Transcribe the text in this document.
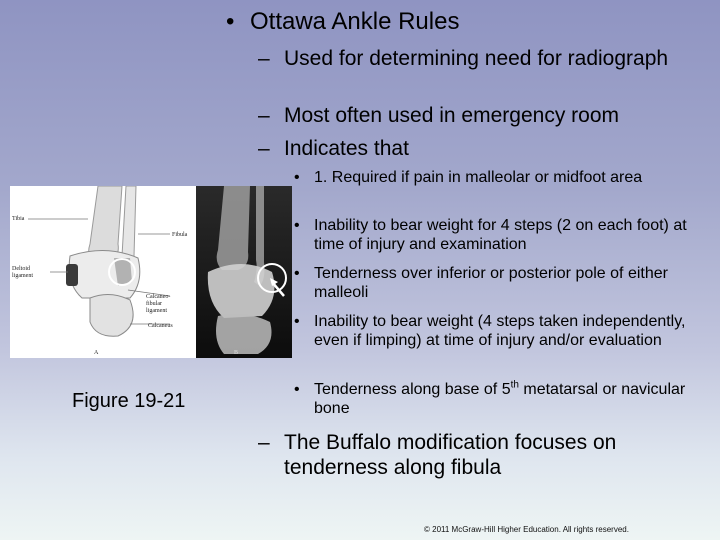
• Ottawa Ankle Rules
– Used for determining need for radiograph
– Most often used in emergency room
– Indicates that
• 1. Required if pain in malleolar or midfoot area
• Inability to bear weight for 4 steps (2 on each foot) at time of injury and examination
• Tenderness over inferior or posterior pole of either malleoli
• Inability to bear weight (4 steps taken independently, even if limping) at time of injury and/or evaluation
• Tenderness along base of 5th metatarsal or navicular bone
– The Buffalo modification focuses on tenderness along fibula
Tibia
Fibula
Deltoid ligament
Calcaneo-fibular ligament
Calcaneus
A	B
Figure 19-21
© 2011 McGraw-Hill Higher Education. All rights reserved.
